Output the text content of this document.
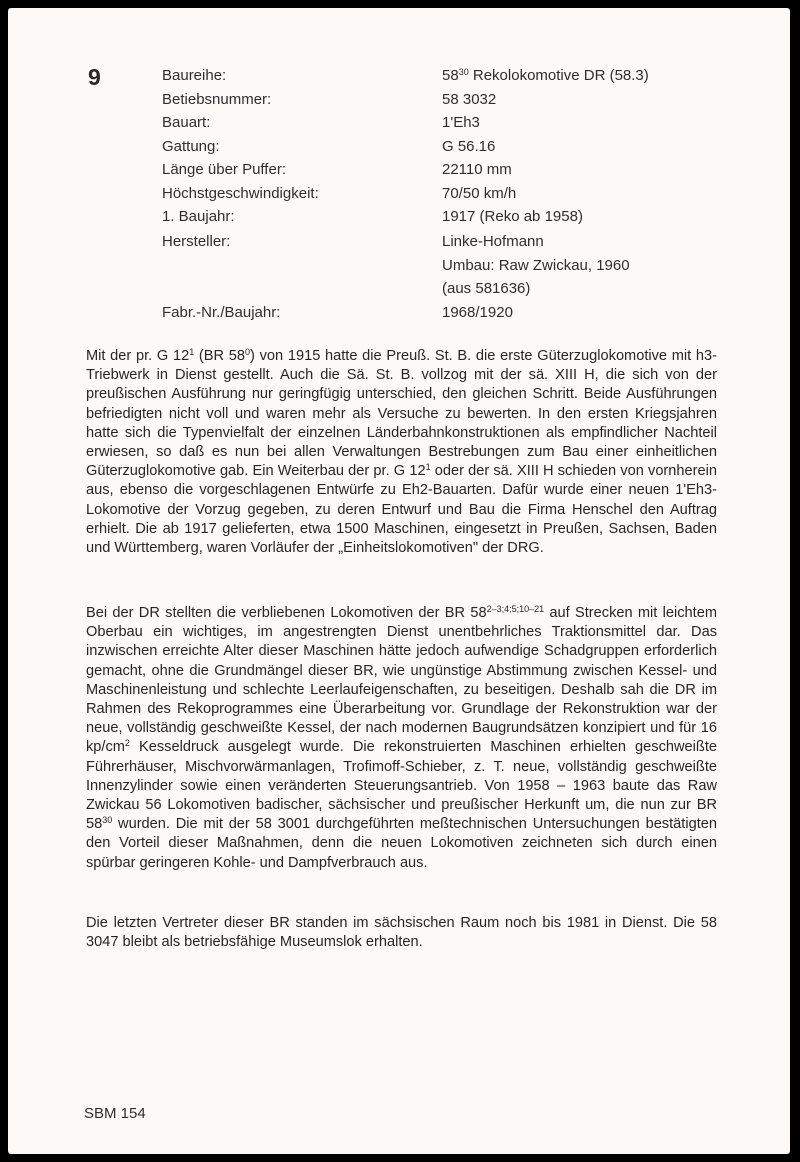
9	Baureihe:	$58^{30}$ Rekolokomotive DR (58.3)
Betiebsnummer:	58 3032
Bauart:	1'Eh3
Gattung:	G 56.16
Länge über Puffer:	22110 mm
Höchstgeschwindigkeit:	70/50 km/h
1. Baujahr:	1917 (Reko ab 1958)
Hersteller:	Linke-Hofmann
Umbau: Raw Zwickau, 1960
(aus 581636)
Fabr.-Nr./Baujahr:	1968/1920

Mit der pr. G $12^1$ (BR $58^0$) von 1915 hatte die Preuß. St. B. die erste Güterzuglokomotive mit h3-Triebwerk in Dienst gestellt. Auch die Sä. St. B. vollzog mit der sä. XIII H, die sich von der preußischen Ausführung nur geringfügig unterschied, den gleichen Schritt. Beide Ausführungen befriedigten nicht voll und waren mehr als Versuche zu bewerten. In den ersten Kriegsjahren hatte sich die Typenvielfalt der einzelnen Länderbahnkonstruktionen als empfindlicher Nachteil erwiesen, so daß es nun bei allen Verwaltungen Bestrebungen zum Bau einer einheitlichen Güterzuglokomotive gab. Ein Weiterbau der pr. G $12^1$ oder der sä. XIII H schieden von vornherein aus, ebenso die vorgeschlagenen Entwürfe zu Eh2-Bauarten. Dafür wurde einer neuen 1'Eh3-Lokomotive der Vorzug gegeben, zu deren Entwurf und Bau die Firma Henschel den Auftrag erhielt. Die ab 1917 gelieferten, etwa 1500 Maschinen, eingesetzt in Preußen, Sachsen, Baden und Württemberg, waren Vorläufer der „Einheitslokomotiven" der DRG.

Bei der DR stellten die verbliebenen Lokomotiven der BR 58$^{2-3;4;5;10-21}$ auf Strecken mit leichtem Oberbau ein wichtiges, im angestrengten Dienst unentbehrliches Traktionsmittel dar. Das inzwischen erreichte Alter dieser Maschinen hätte jedoch aufwendige Schadgruppen erforderlich gemacht, ohne die Grundmängel dieser BR, wie ungünstige Abstimmung zwischen Kessel- und Maschinenleistung und schlechte Leerlaufeigenschaften, zu beseitigen. Deshalb sah die DR im Rahmen des Rekoprogrammes eine Überarbeitung vor. Grundlage der Rekonstruktion war der neue, vollständig geschweißte Kessel, der nach modernen Baugrundsätzen konzipiert und für 16 $kp/cm^2$ Kesseldruck ausgelegt wurde. Die rekonstruierten Maschinen erhielten geschweißte Führerhäuser, Mischvorwärmanlagen, Trofimoff-Schieber, z. T. neue, vollständig geschweißte Innenzylinder sowie einen veränderten Steuerungsantrieb. Von 1958 – 1963 baute das Raw Zwickau 56 Lokomotiven badischer, sächsischer und preußischer Herkunft um, die nun zur BR $58^{30}$ wurden. Die mit der 58 3001 durchgeführten meßtechnischen Untersuchungen bestätigten den Vorteil dieser Maßnahmen, denn die neuen Lokomotiven zeichneten sich durch einen spürbar geringeren Kohle- und Dampfverbrauch aus.

Die letzten Vertreter dieser BR standen im sächsischen Raum noch bis 1981 in Dienst. Die 58 3047 bleibt als betriebsfähige Museumslok erhalten.

SBM 154
